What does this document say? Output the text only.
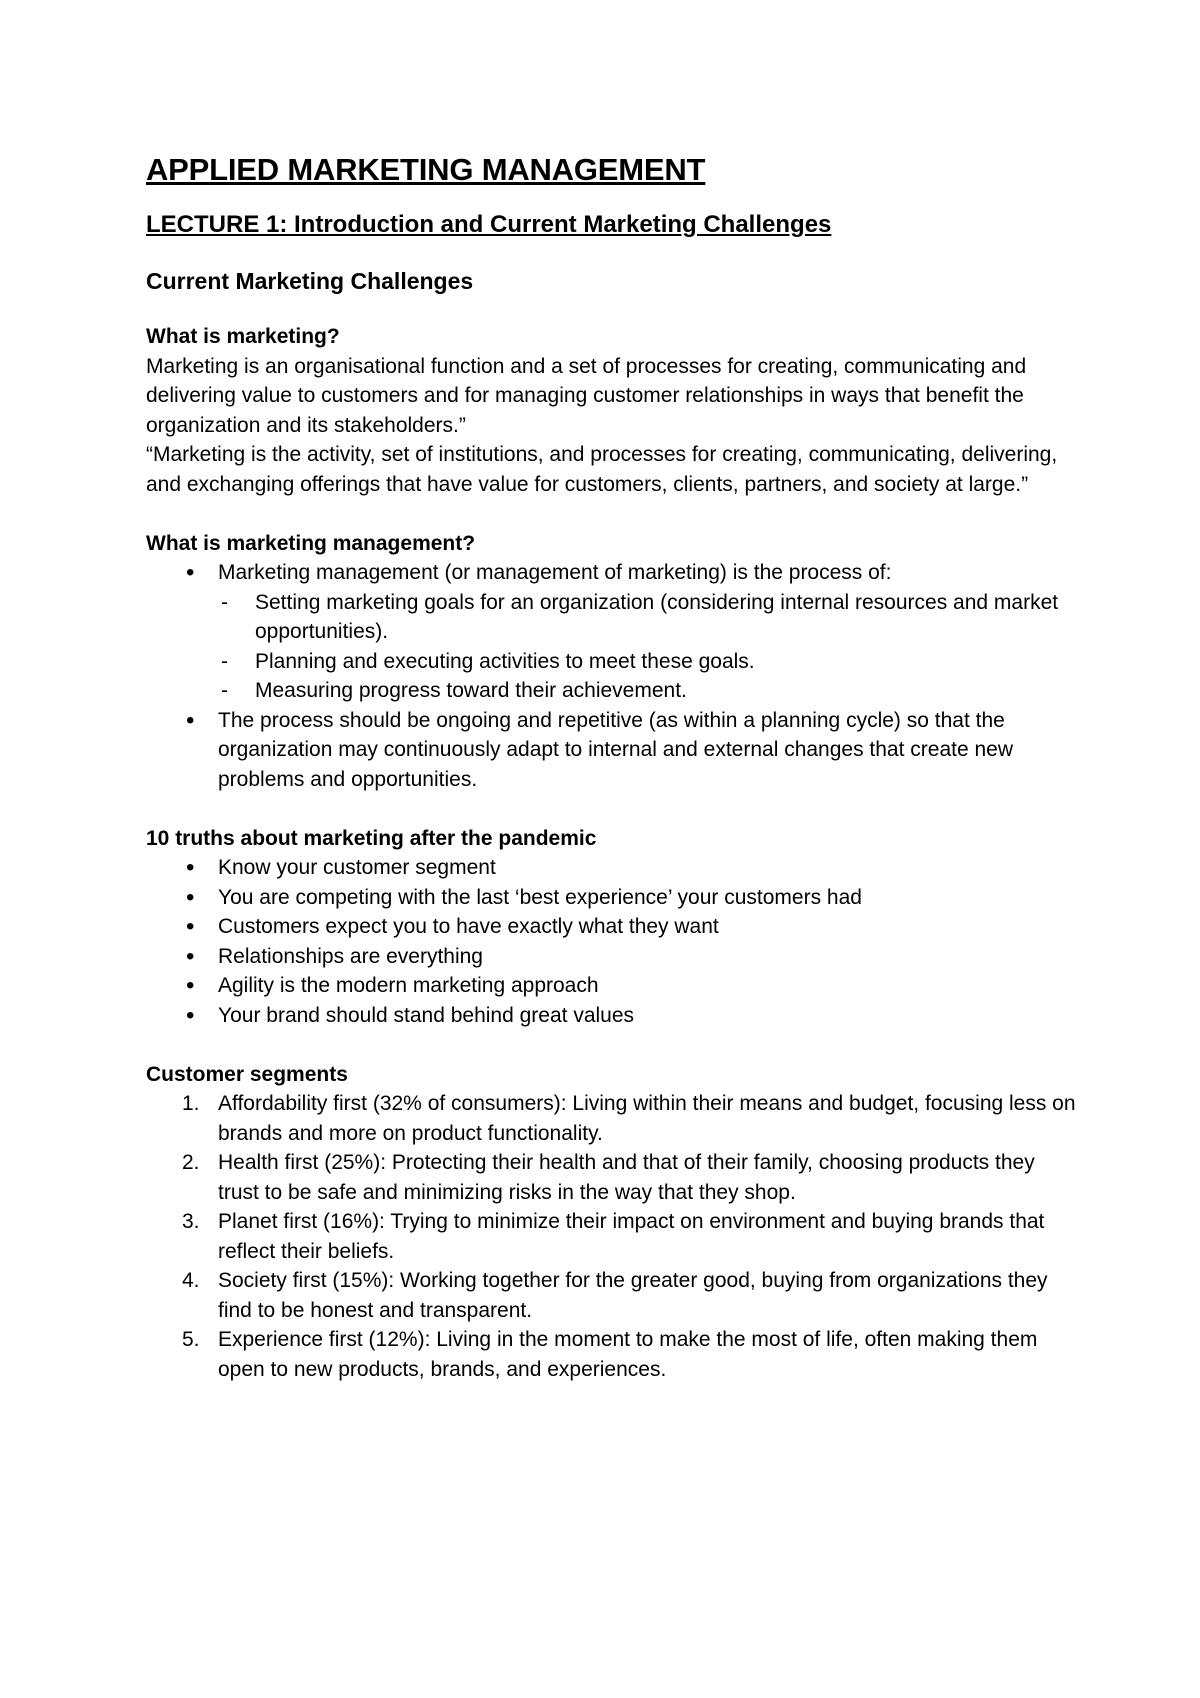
APPLIED MARKETING MANAGEMENT
LECTURE 1: Introduction and Current Marketing Challenges
Current Marketing Challenges

What is marketing?

Marketing is an organisational function and a set of processes for creating, communicating and delivering value to customers and for managing customer relationships in ways that benefit the organization and its stakeholders.”

“Marketing is the activity, set of institutions, and processes for creating, communicating, delivering, and exchanging offerings that have value for customers, clients, partners, and society at large.”

What is marketing management?

• Marketing management (or management of marketing) is the process of:
- Setting marketing goals for an organization (considering internal resources and market opportunities).
- Planning and executing activities to meet these goals.
- Measuring progress toward their achievement.
• The process should be ongoing and repetitive (as within a planning cycle) so that the organization may continuously adapt to internal and external changes that create new problems and opportunities.

10 truths about marketing after the pandemic

• Know your customer segment
• You are competing with the last ‘best experience’ your customers had
• Customers expect you to have exactly what they want
• Relationships are everything
• Agility is the modern marketing approach
• Your brand should stand behind great values

Customer segments

1. Affordability first (32% of consumers): Living within their means and budget, focusing less on brands and more on product functionality.
2. Health first (25%): Protecting their health and that of their family, choosing products they trust to be safe and minimizing risks in the way that they shop.
3. Planet first (16%): Trying to minimize their impact on environment and buying brands that reflect their beliefs.
4. Society first (15%): Working together for the greater good, buying from organizations they find to be honest and transparent.
5. Experience first (12%): Living in the moment to make the most of life, often making them open to new products, brands, and experiences.
